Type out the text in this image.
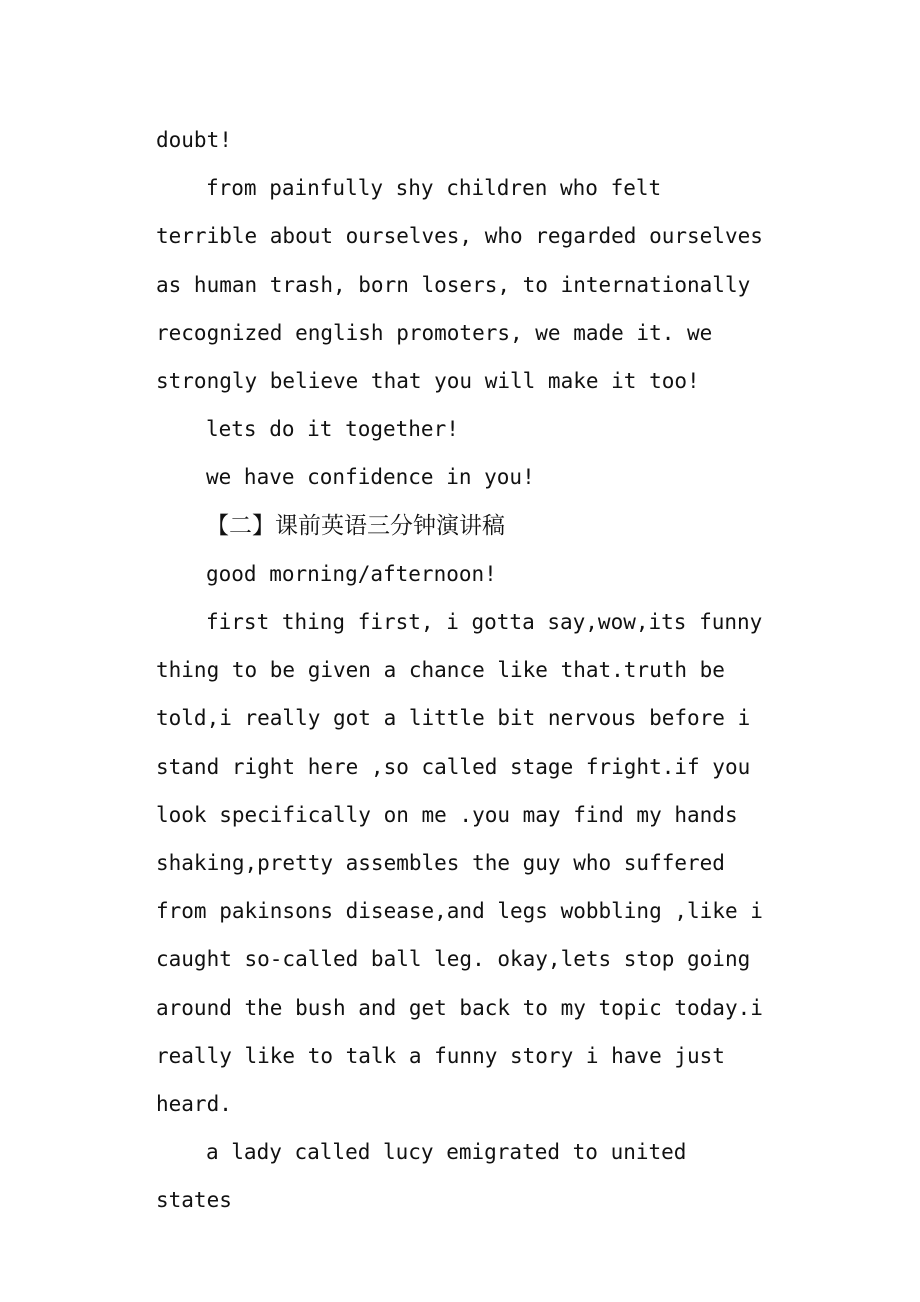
doubt!

from painfully shy children who felt terrible about ourselves, who regarded ourselves as human trash, born losers, to internationally recognized english promoters, we made it. we strongly believe that you will make it too!

lets do it together!

we have confidence in you!

【二】课前英语三分钟演讲稿

good morning/afternoon!

first thing first, i gotta say,wow,its funny thing to be given a chance like that.truth be told,i really got a little bit nervous before i stand right here ,so called stage fright.if you look specifically on me .you may find my hands shaking,pretty assembles the guy who suffered from pakinsons disease,and legs wobbling ,like i caught so-called ball leg. okay,lets stop going around the bush and get back to my topic today.i really like to talk a funny story i have just heard.

a lady called lucy emigrated to united states
